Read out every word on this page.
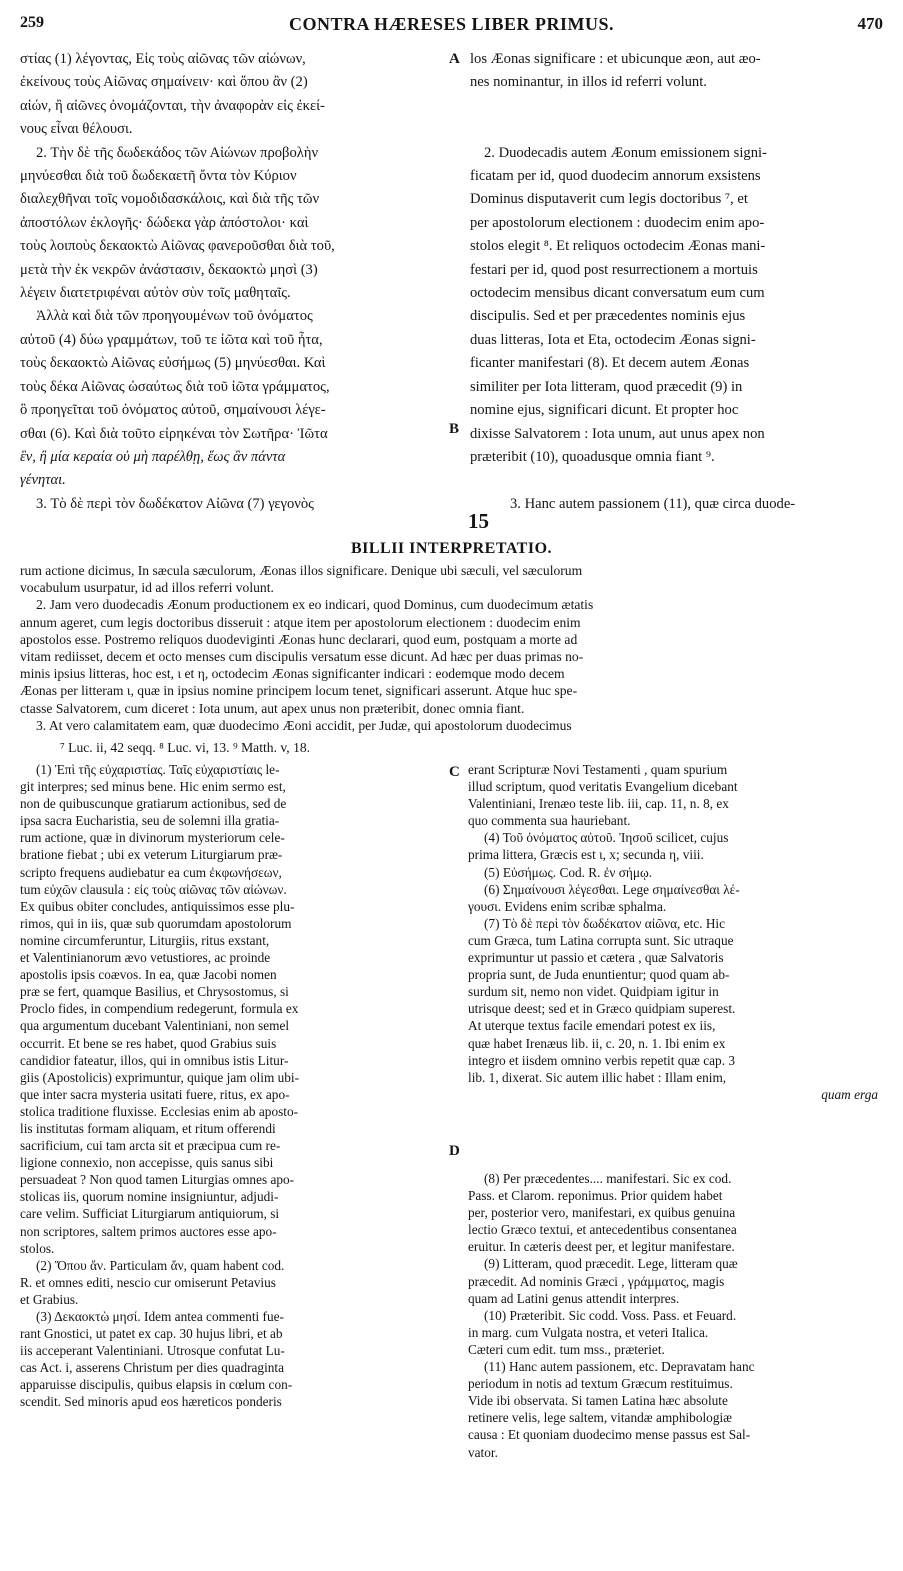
259	CONTRA HÆRESES LIBER PRIMUS.	470
στίας (1) λέγοντας, Εἰς τοὺς αἰῶνας τῶν αἰώνων,
ἐκείνους τοὺς Αἰῶνας σημαίνειν· καὶ ὅπου ἂν (2)
αἰών, ἢ αἰῶνες ὀνομάζονται, τὴν ἀναφορὰν εἰς ἐκεί-
νους εἶναι θέλουσι.
2. Τὴν δὲ τῆς δωδεκάδος τῶν Αἰώνων προβολὴν
μηνύεσθαι διὰ τοῦ δωδεκαετῆ ὄντα τὸν Κύριον
διαλεχθῆναι τοῖς νομοδιδασκάλοις, καὶ διὰ τῆς τῶν
ἀποστόλων ἐκλογῆς· δώδεκα γὰρ ἀπόστολοι· καὶ
τοὺς λοιποὺς δεκαοκτὼ Αἰῶνας φανεροῦσθαι διὰ τοῦ,
μετὰ τὴν ἐκ νεκρῶν ἀνάστασιν, δεκαοκτὼ μησὶ (3)
λέγειν διατετριφέναι αὐτὸν σὺν τοῖς μαθηταῖς.
Ἀλλὰ καὶ διὰ τῶν προηγουμένων τοῦ ὀνόματος
αὐτοῦ (4) δύω γραμμάτων, τοῦ τε ἰῶτα καὶ τοῦ ἦτα,
τοὺς δεκαοκτὼ Αἰῶνας εὐσήμως (5) μηνύεσθαι. Καὶ
τοὺς δέκα Αἰῶνας ὡσαύτως διὰ τοῦ ἰῶτα γράμματος,
ὃ προηγεῖται τοῦ ὀνόματος αὐτοῦ, σημαίνουσι λέγε-
σθαι (6). Καὶ διὰ τοῦτο εἰρηκέναι τὸν Σωτῆρα· Ἰῶτα
ἓν, ἢ μία κεραία οὐ μὴ παρέλθῃ, ἕως ἂν πάντα
γένηται.
3. Τὸ δὲ περὶ τὸν δωδέκατον Αἰῶνα (7) γεγονὸς
los Æonas significare : et ubicunque æon, aut æo-
nes nominantur, in illos id referri volunt.

2. Duodecadis autem Æonum emissionem signi-
ficatam per id, quod duodecim annorum exsistens
Dominus disputaverit cum legis doctoribus ⁷, et
per apostolorum electionem : duodecim enim apo-
stolos elegit ⁸. Et reliquos octodecim Æonas mani-
festari per id, quod post resurrectionem a mortuis
octodecim mensibus dicant conversatum eum cum
discipulis. Sed et per præcedentes nominis ejus
duas litteras, Iota et Eta, octodecim Æonas signi-
ficanter manifestari (8). Et decem autem Æonas
similiter per Iota litteram, quod præcedit (9) in
nomine ejus, significari dicunt. Et propter hoc
dixisse Salvatorem : Iota unum, aut unus apex non
præteribit (10), quoadusque omnia fiant ⁹.

3. Hanc autem passionem (11), quæ circa duode-
A
B
C
D
15
BILLII INTERPRETATIO.
rum actione dicimus, In sæcula sæculorum, Æonas illos significare. Denique ubi sæculi, vel sæculorum
vocabulum usurpatur, id ad illos referri volunt.
2. Jam vero duodecadis Æonum productionem ex eo indicari, quod Dominus, cum duodecimum ætatis
annum ageret, cum legis doctoribus disseruit : atque item per apostolorum electionem : duodecim enim
apostolos esse. Postremo reliquos duodeviginti Æonas hunc declarari, quod eum, postquam a morte ad
vitam rediisset, decem et octo menses cum discipulis versatum esse dicunt. Ad hæc per duas primas no-
minis ipsius litteras, hoc est, ι et η, octodecim Æonas significanter indicari : eodemque modo decem
Æonas per litteram ι, quæ in ipsius nomine principem locum tenet, significari asserunt. Atque huc spe-
ctasse Salvatorem, cum diceret : Iota unum, aut apex unus non præteribit, donec omnia fiant.
3. At vero calamitatem eam, quæ duodecimo Æoni accidit, per Judæ, qui apostolorum duodecimus
⁷ Luc. ii, 42 seqq. ⁸ Luc. vi, 13. ⁹ Matth. v, 18.
(1) Ἐπὶ τῆς εὐχαριστίας. Ταῖς εὐχαριστίαις le-
git interpres; sed minus bene. Hic enim sermo est,
non de quibuscunque gratiarum actionibus, sed de
ipsa sacra Eucharistia, seu de solemni illa gratia-
rum actione, quæ in divinorum mysteriorum cele-
bratione fiebat ; ubi ex veterum Liturgiarum præ-
scripto frequens audiebatur ea cum ἐκφωνήσεων,
tum εὐχῶν clausula : εἰς τοὺς αἰῶνας τῶν αἰώνων.
Ex quibus obiter concludes, antiquissimos esse plu-
rimos, qui in iis, quæ sub quorumdam apostolorum
nomine circumferuntur, Liturgiis, ritus exstant,
et Valentinianorum ævo vetustiores, ac proinde
apostolis ipsis coævos. In ea, quæ Jacobi nomen
præ se fert, quamque Basilius, et Chrysostomus, si
Proclo fides, in compendium redegerunt, formula ex
qua argumentum ducebant Valentiniani, non semel
occurrit. Et bene se res habet, quod Grabius suis
candidior fateatur, illos, qui in omnibus istis Litur-
giis (Apostolicis) exprimuntur, quique jam olim ubi-
que inter sacra mysteria usitati fuere, ritus, ex apo-
stolica traditione fluxisse. Ecclesias enim ab aposto-
lis institutas formam aliquam, et ritum offerendi
sacrificium, cui tam arcta sit et præcipua cum re-
ligione connexio, non accepisse, quis sanus sibi
persuadeat ? Non quod tamen Liturgias omnes apo-
stolicas iis, quorum nomine insigniuntur, adjudi-
care velim. Sufficiat Liturgiarum antiquiorum, si
non scriptores, saltem primos auctores esse apo-
stolos.
(2) Ὅπου ἄν. Particulam ἄν, quam habent cod.
R. et omnes editi, nescio cur omiserunt Petavius
et Grabius.
(3) Δεκαοκτὼ μησί. Idem antea commenti fue-
rant Gnostici, ut patet ex cap. 30 hujus libri, et ab
iis acceperant Valentiniani. Utrosque confutat Lu-
cas Act. i, asserens Christum per dies quadraginta
apparuisse discipulis, quibus elapsis in cœlum con-
scendit. Sed minoris apud eos hæreticos ponderis
erant Scripturæ Novi Testamenti , quam spurium
illud scriptum, quod veritatis Evangelium dicebant
Valentiniani, Irenæo teste lib. iii, cap. 11, n. 8, ex
quo commenta sua hauriebant.
(4) Τοῦ ὀνόματος αὐτοῦ. Ἰησοῦ scilicet, cujus
prima littera, Græcis est ι, x; secunda η, viii.
(5) Εὐσήμως. Cod. R. ἐν σήμῳ.
(6) Σημαίνουσι λέγεσθαι. Lege σημαίνεσθαι λέ-
γουσι. Evidens enim scribæ sphalma.
(7) Τὸ δὲ περὶ τὸν δωδέκατον αἰῶνα, etc. Hic
cum Græca, tum Latina corrupta sunt. Sic utraque
exprimuntur ut passio et cætera , quæ Salvatoris
propria sunt, de Juda enuntientur; quod quam ab-
surdum sit, nemo non videt. Quidpiam igitur in
utrisque deest; sed et in Græco quidpiam superest.
At uterque textus facile emendari potest ex iis,
quæ habet Irenæus lib. ii, c. 20, n. 1. Ibi enim ex
integro et iisdem omnino verbis repetit quæ cap. 3
lib. 1, dixerat. Sic autem illic habet : Illam enim,
quam erga
(8) Per præcedentes.... manifestari. Sic ex cod.
Pass. et Clarom. reponimus. Prior quidem habet
per, posterior vero, manifestari, ex quibus genuina
lectio Græco textui, et antecedentibus consentanea
eruitur. In cæteris deest per, et legitur manifestare.
(9) Litteram, quod præcedit. Lege, litteram quæ
præcedit. Ad nominis Græci , γράμματος, magis
quam ad Latini genus attendit interpres.
(10) Præteribit. Sic codd. Voss. Pass. et Feuard.
in marg. cum Vulgata nostra, et veteri Italica.
Cæteri cum edit. tum mss., præteriet.
(11) Hanc autem passionem, etc. Depravatam hanc
periodum in notis ad textum Græcum restituimus.
Vide ibi observata. Si tamen Latina hæc absolute
retinere velis, lege saltem, vitandæ amphibologiæ
causa : Et quoniam duodecimo mense passus est Sal-
vator.
